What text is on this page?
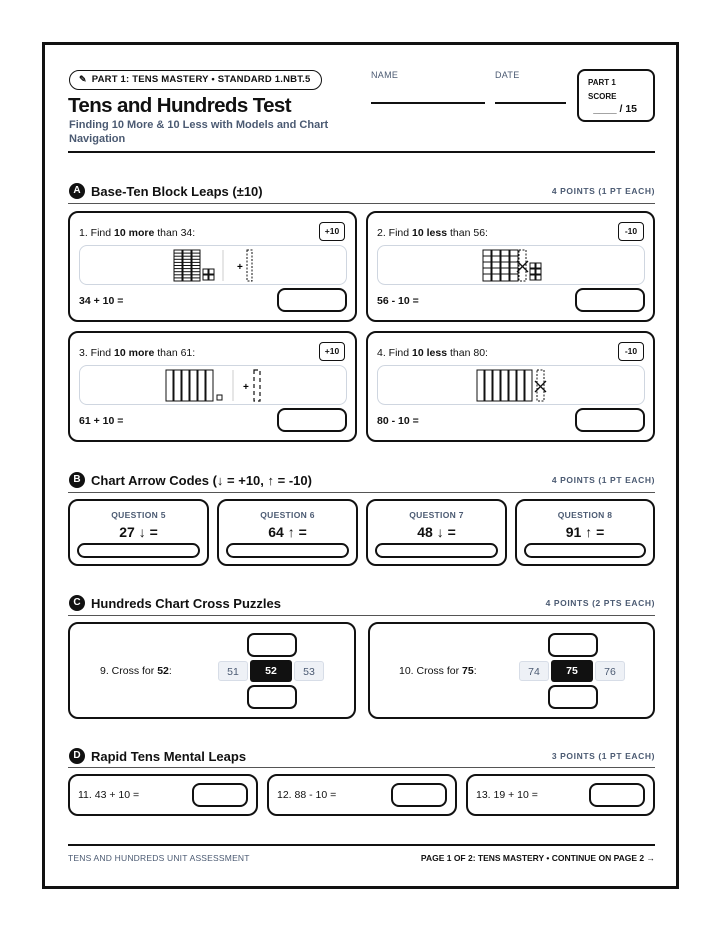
✎ PART 1: TENS MASTERY • STANDARD 1.NBT.5
Tens and Hundreds Test
Finding 10 More & 10 Less with Models and Chart Navigation
NAME	DATE
PART 1
SCORE
____ / 15
A Base-Ten Block Leaps (±10)	4 POINTS (1 PT EACH)
1. Find 10 more than 34:	+10
+
34 + 10 =
2. Find 10 less than 56:	-10
56 - 10 =
3. Find 10 more than 61:	+10
+
61 + 10 =
4. Find 10 less than 80:	-10
80 - 10 =
B Chart Arrow Codes (↓ = +10, ↑ = -10)	4 POINTS (1 PT EACH)
QUESTION 5
27 ↓ =
QUESTION 6
64 ↑ =
QUESTION 7
48 ↓ =
QUESTION 8
91 ↑ =
C Hundreds Chart Cross Puzzles	4 POINTS (2 PTS EACH)
9. Cross for 52:	51	52	53	10. Cross for 75:	74	75	76
D Rapid Tens Mental Leaps	3 POINTS (1 PT EACH)
11. 43 + 10 =	12. 88 - 10 =	13. 19 + 10 =
TENS AND HUNDREDS UNIT ASSESSMENT	PAGE 1 OF 2: TENS MASTERY • CONTINUE ON PAGE 2 →
